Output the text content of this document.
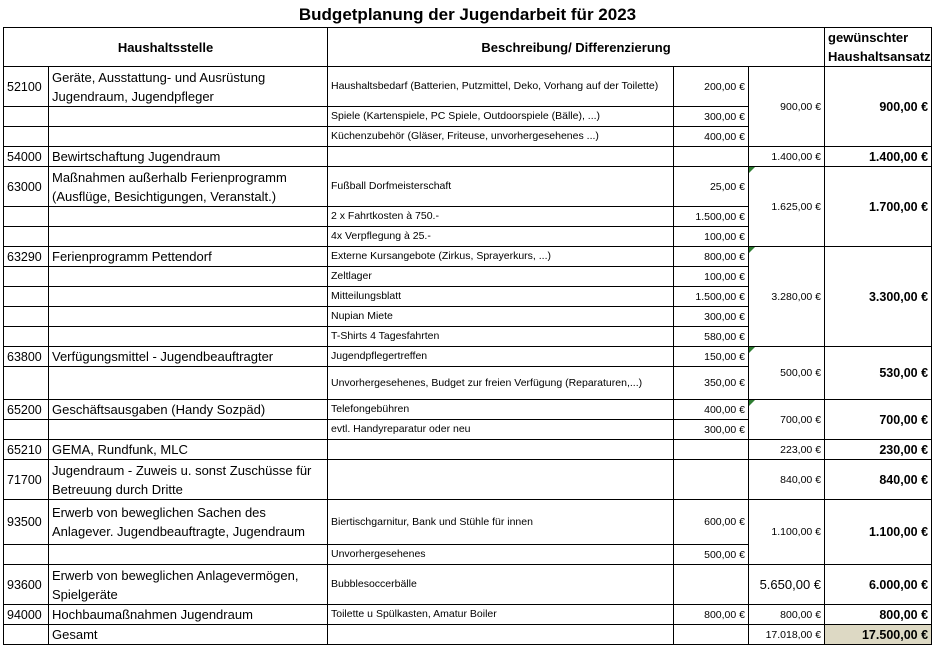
Budgetplanung der Jugendarbeit für 2023
Haushaltsstelle		Beschreibung/ Differenzierung			gewünschter Haushaltsansatz
52100	Geräte, Ausstattung- und Ausrüstung Jugendraum, Jugendpfleger	Haushaltsbedarf (Batterien, Putzmittel, Deko, Vorhang auf der Toilette)	200,00 €	900,00 €	900,00 €
		Spiele (Kartenspiele, PC Spiele, Outdoorspiele (Bälle), ...)	300,00 €		
		Küchenzubehör (Gläser, Friteuse, unvorhergesehenes ...)	400,00 €		
54000	Bewirtschaftung Jugendraum			1.400,00 €	1.400,00 €
63000	Maßnahmen außerhalb Ferienprogramm (Ausflüge, Besichtigungen, Veranstalt.)	Fußball Dorfmeisterschaft	25,00 €	1.625,00 €	1.700,00 €
		2 x Fahrtkosten à 750.-	1.500,00 €		
		4x Verpflegung à 25.-	100,00 €		
63290	Ferienprogramm Pettendorf	Externe Kursangebote (Zirkus, Sprayerkurs, ...)	800,00 €	3.280,00 €	3.300,00 €
		Zeltlager	100,00 €		
		Mitteilungsblatt	1.500,00 €		
		Nupian Miete	300,00 €		
		T-Shirts 4 Tagesfahrten	580,00 €		
63800	Verfügungsmittel - Jugendbeauftragter	Jugendpflegertreffen	150,00 €	500,00 €	530,00 €
		Unvorhergesehenes, Budget zur freien Verfügung (Reparaturen,...)	350,00 €		
65200	Geschäftsausgaben (Handy Sozpäd)	Telefongebühren	400,00 €	700,00 €	700,00 €
		evtl. Handyreparatur oder neu	300,00 €		
65210	GEMA, Rundfunk, MLC			223,00 €	230,00 €
71700	Jugendraum - Zuweis u. sonst Zuschüsse für Betreuung durch Dritte			840,00 €	840,00 €
93500	Erwerb von beweglichen Sachen des Anlagever. Jugendbeauftragte, Jugendraum	Biertischgarnitur, Bank und Stühle für innen	600,00 €	1.100,00 €	1.100,00 €
		Unvorhergesehenes	500,00 €		
93600	Erwerb von beweglichen Anlagevermögen, Spielgeräte	Bubblesoccerbälle		5.650,00 €	6.000,00 €
94000	Hochbaumaßnahmen Jugendraum	Toilette u Spülkasten, Amatur Boiler	800,00 €	800,00 €	800,00 €
	Gesamt			17.018,00 €	17.500,00 €
